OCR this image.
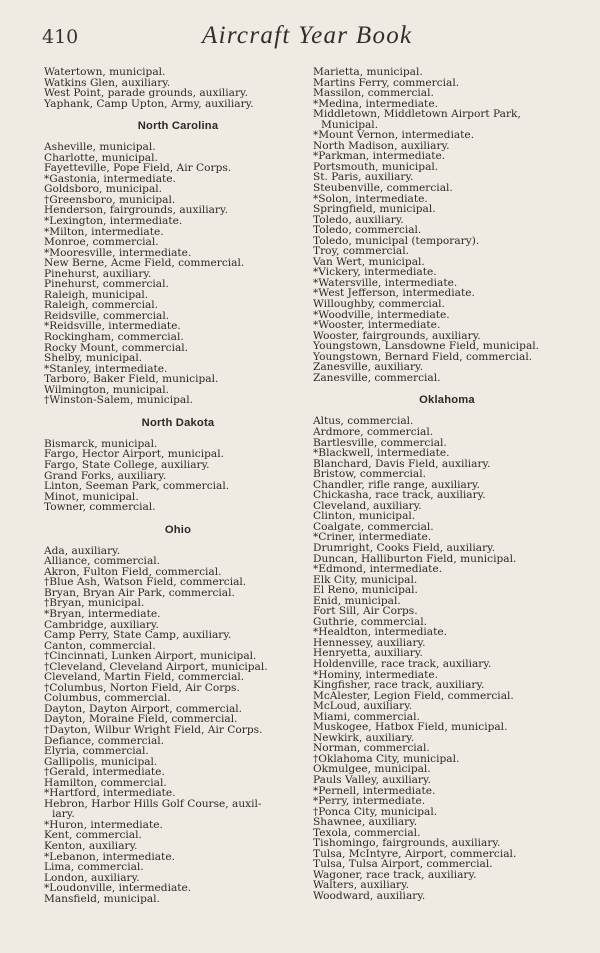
410	Aircraft Year Book
Watertown, municipal.
Watkins Glen, auxiliary.
West Point, parade grounds, auxiliary.
Yaphank, Camp Upton, Army, auxiliary.
North Carolina
Asheville, municipal.
Charlotte, municipal.
Fayetteville, Pope Field, Air Corps.
*Gastonia, intermediate.
Goldsboro, municipal.
†Greensboro, municipal.
Henderson, fairgrounds, auxiliary.
*Lexington, intermediate.
*Milton, intermediate.
Monroe, commercial.
*Mooresville, intermediate.
New Berne, Acme Field, commercial.
Pinehurst, auxiliary.
Pinehurst, commercial.
Raleigh, municipal.
Raleigh, commercial.
Reidsville, commercial.
*Reidsville, intermediate.
Rockingham, commercial.
Rocky Mount, commercial.
Shelby, municipal.
*Stanley, intermediate.
Tarboro, Baker Field, municipal.
Wilmington, municipal.
†Winston-Salem, municipal.
North Dakota
Bismarck, municipal.
Fargo, Hector Airport, municipal.
Fargo, State College, auxiliary.
Grand Forks, auxiliary.
Linton, Seeman Park, commercial.
Minot, municipal.
Towner, commercial.
Ohio
Ada, auxiliary.
Alliance, commercial.
Akron, Fulton Field, commercial.
†Blue Ash, Watson Field, commercial.
Bryan, Bryan Air Park, commercial.
†Bryan, municipal.
*Bryan, intermediate.
Cambridge, auxiliary.
Camp Perry, State Camp, auxiliary.
Canton, commercial.
†Cincinnati, Lunken Airport, municipal.
†Cleveland, Cleveland Airport, municipal.
Cleveland, Martin Field, commercial.
†Columbus, Norton Field, Air Corps.
Columbus, commercial.
Dayton, Dayton Airport, commercial.
Dayton, Moraine Field, commercial.
†Dayton, Wilbur Wright Field, Air Corps.
Defiance, commercial.
Elyria, commercial.
Gallipolis, municipal.
†Gerald, intermediate.
Hamilton, commercial.
*Hartford, intermediate.
Hebron, Harbor Hills Golf Course, auxil-
iary.
*Huron, intermediate.
Kent, commercial.
Kenton, auxiliary.
*Lebanon, intermediate.
Lima, commercial.
London, auxiliary.
*Loudonville, intermediate.
Mansfield, municipal.
Marietta, municipal.
Martins Ferry, commercial.
Massilon, commercial.
*Medina, intermediate.
Middletown, Middletown Airport Park,
Municipal.
*Mount Vernon, intermediate.
North Madison, auxiliary.
*Parkman, intermediate.
Portsmouth, municipal.
St. Paris, auxiliary.
Steubenville, commercial.
*Solon, intermediate.
Springfield, municipal.
Toledo, auxiliary.
Toledo, commercial.
Toledo, municipal (temporary).
Troy, commercial.
Van Wert, municipal.
*Vickery, intermediate.
*Watersville, intermediate.
*West Jefferson, intermediate.
Willoughby, commercial.
*Woodville, intermediate.
*Wooster, intermediate.
Wooster, fairgrounds, auxiliary.
Youngstown, Lansdowne Field, municipal.
Youngstown, Bernard Field, commercial.
Zanesville, auxiliary.
Zanesville, commercial.
Oklahoma
Altus, commercial.
Ardmore, commercial.
Bartlesville, commercial.
*Blackwell, intermediate.
Blanchard, Davis Field, auxiliary.
Bristow, commercial.
Chandler, rifle range, auxiliary.
Chickasha, race track, auxiliary.
Cleveland, auxiliary.
Clinton, municipal.
Coalgate, commercial.
*Criner, intermediate.
Drumright, Cooks Field, auxiliary.
Duncan, Halliburton Field, municipal.
*Edmond, intermediate.
Elk City, municipal.
El Reno, municipal.
Enid, municipal.
Fort Sill, Air Corps.
Guthrie, commercial.
*Healdton, intermediate.
Hennessey, auxiliary.
Henryetta, auxiliary.
Holdenville, race track, auxiliary.
*Hominy, intermediate.
Kingfisher, race track, auxiliary.
McAlester, Legion Field, commercial.
McLoud, auxiliary.
Miami, commercial.
Muskogee, Hatbox Field, municipal.
Newkirk, auxiliary.
Norman, commercial.
†Oklahoma City, municipal.
Okmulgee, municipal.
Pauls Valley, auxiliary.
*Pernell, intermediate.
*Perry, intermediate.
†Ponca City, municipal.
Shawnee, auxiliary.
Texola, commercial.
Tishomingo, fairgrounds, auxiliary.
Tulsa, McIntyre, Airport, commercial.
Tulsa, Tulsa Airport, commercial.
Wagoner, race track, auxiliary.
Walters, auxiliary.
Woodward, auxiliary.
